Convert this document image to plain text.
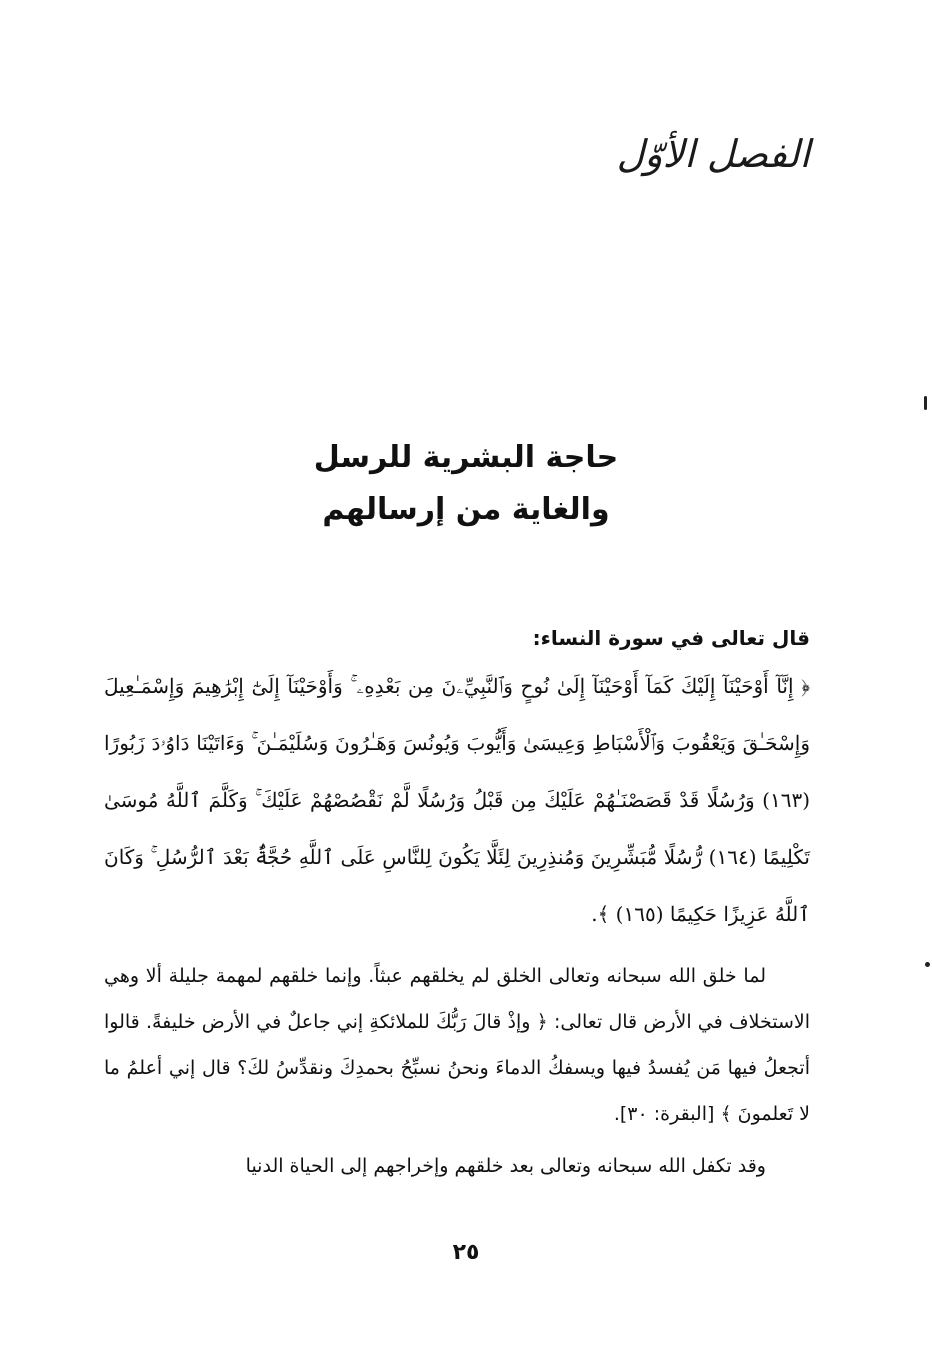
الفصل الأوّل
حاجة البشرية للرسل
والغاية من إرسالهم

قال تعالى في سورة النساء:

﴿ إِنَّآ أَوْحَيْنَآ إِلَيْكَ كَمَآ أَوْحَيْنَآ إِلَىٰ نُوحٍ وَٱلنَّبِيِّۦنَ مِن بَعْدِهِۦ ۚ وَأَوْحَيْنَآ إِلَىٰٓ إِبْرَٰهِيمَ وَإِسْمَـٰعِيلَ وَإِسْحَـٰقَ وَيَعْقُوبَ وَٱلْأَسْبَاطِ وَعِيسَىٰ وَأَيُّوبَ وَيُونُسَ وَهَـٰرُونَ وَسُلَيْمَـٰنَ ۚ وَءَاتَيْنَا دَاوُۥدَ زَبُورًا (١٦٣) وَرُسُلًا قَدْ قَصَصْنَـٰهُمْ عَلَيْكَ مِن قَبْلُ وَرُسُلًا لَّمْ نَقْصُصْهُمْ عَلَيْكَ ۚ وَكَلَّمَ ٱللَّهُ مُوسَىٰ تَكْلِيمًا (١٦٤) رُّسُلًا مُّبَشِّرِينَ وَمُنذِرِينَ لِئَلَّا يَكُونَ لِلنَّاسِ عَلَى ٱللَّهِ حُجَّةٌۢ بَعْدَ ٱلرُّسُلِ ۚ وَكَانَ ٱللَّهُ عَزِيزًا حَكِيمًا (١٦٥) ﴾.

لما خلق الله سبحانه وتعالى الخلق لم يخلقهم عبثاً. وإنما خلقهم لمهمة جليلة ألا وهي الاستخلاف في الأرض قال تعالى: ﴿ وإذْ قالَ رَبُّكَ للملائكةِ إني جاعلٌ في الأرض خليفةً. قالوا أتجعلُ فيها مَن يُفسدُ فيها ويسفكُ الدماءَ ونحنُ نسبِّحُ بحمدِكَ ونقدِّسُ لكَ؟ قال إني أعلمُ ما لا تَعلمونَ ﴾ [البقرة: ٣٠].

وقد تكفل الله سبحانه وتعالى بعد خلقهم وإخراجهم إلى الحياة الدنيا

٢٥
